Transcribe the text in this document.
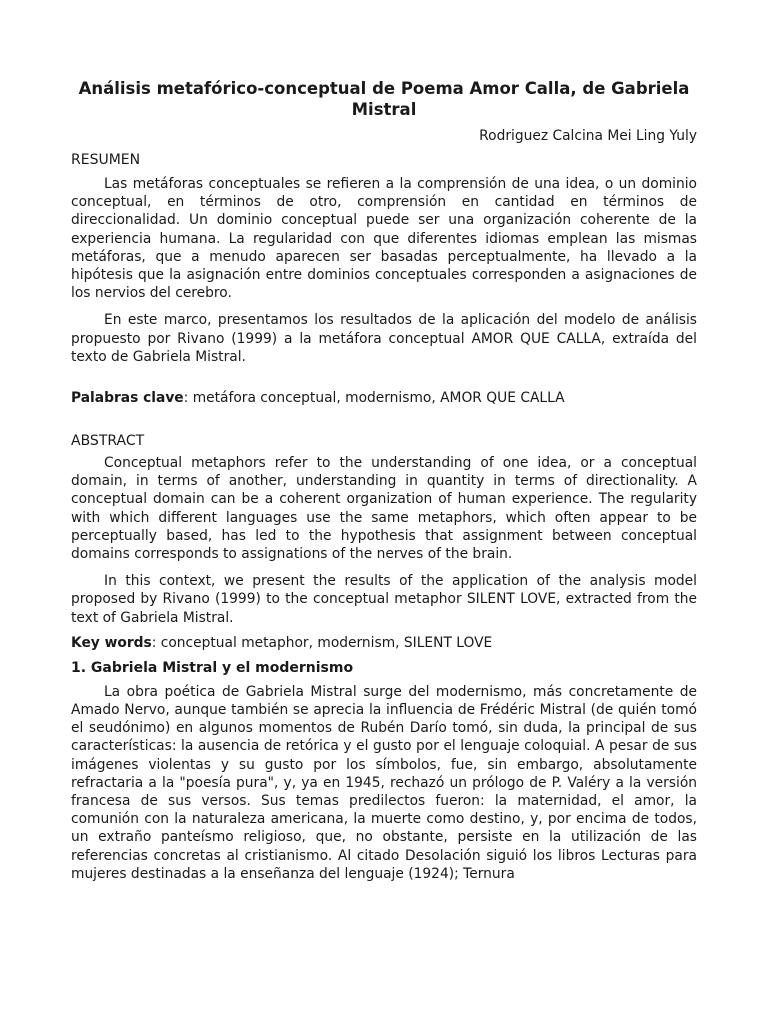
Análisis metafórico-conceptual de Poema Amor Calla, de Gabriela Mistral

Rodriguez Calcina Mei Ling Yuly

RESUMEN

Las metáforas conceptuales se refieren a la comprensión de una idea, o un dominio conceptual, en términos de otro, comprensión en cantidad en términos de direccionalidad. Un dominio conceptual puede ser una organización coherente de la experiencia humana. La regularidad con que diferentes idiomas emplean las mismas metáforas, que a menudo aparecen ser basadas perceptualmente, ha llevado a la hipótesis que la asignación entre dominios conceptuales corresponden a asignaciones de los nervios del cerebro.

En este marco, presentamos los resultados de la aplicación del modelo de análisis propuesto por Rivano (1999) a la metáfora conceptual AMOR QUE CALLA, extraída del texto de Gabriela Mistral.

Palabras clave: metáfora conceptual, modernismo, AMOR QUE CALLA

ABSTRACT

Conceptual metaphors refer to the understanding of one idea, or a conceptual domain, in terms of another, understanding in quantity in terms of directionality. A conceptual domain can be a coherent organization of human experience. The regularity with which different languages use the same metaphors, which often appear to be perceptually based, has led to the hypothesis that assignment between conceptual domains corresponds to assignations of the nerves of the brain.

In this context, we present the results of the application of the analysis model proposed by Rivano (1999) to the conceptual metaphor SILENT LOVE, extracted from the text of Gabriela Mistral.

Key words: conceptual metaphor, modernism, SILENT LOVE

1. Gabriela Mistral y el modernismo

La obra poética de Gabriela Mistral surge del modernismo, más concretamente de Amado Nervo, aunque también se aprecia la influencia de Frédéric Mistral (de quién tomó el seudónimo) en algunos momentos de Rubén Darío tomó, sin duda, la principal de sus características: la ausencia de retórica y el gusto por el lenguaje coloquial. A pesar de sus imágenes violentas y su gusto por los símbolos, fue, sin embargo, absolutamente refractaria a la "poesía pura", y, ya en 1945, rechazó un prólogo de P. Valéry a la versión francesa de sus versos. Sus temas predilectos fueron: la maternidad, el amor, la comunión con la naturaleza americana, la muerte como destino, y, por encima de todos, un extraño panteísmo religioso, que, no obstante, persiste en la utilización de las referencias concretas al cristianismo. Al citado Desolación siguió los libros Lecturas para mujeres destinadas a la enseñanza del lenguaje (1924); Ternura
